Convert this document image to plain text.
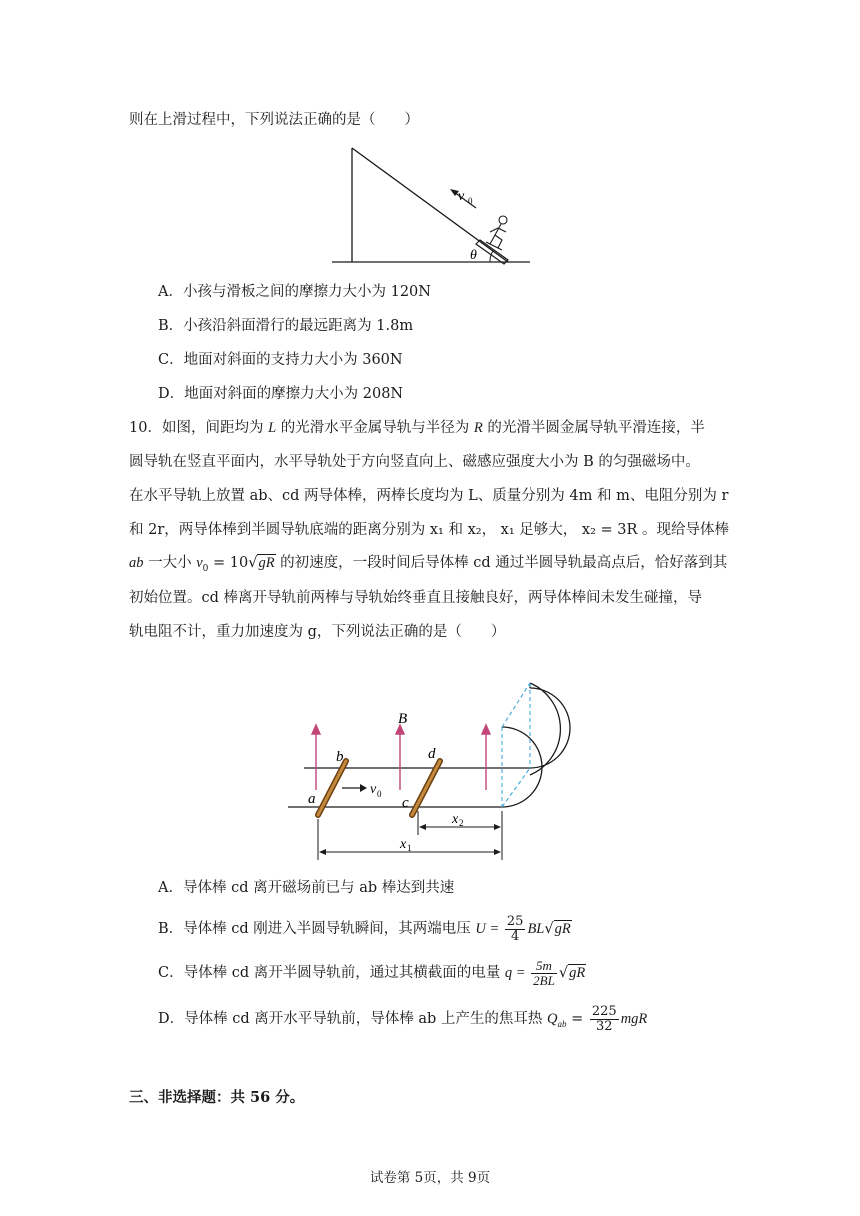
则在上滑过程中，下列说法正确的是（　　）
v 0
θ
A．小孩与滑板之间的摩擦力大小为 120N
B．小孩沿斜面滑行的最远距离为 1.8m
C．地面对斜面的支持力大小为 360N
D．地面对斜面的摩擦力大小为 208N
10．如图，间距均为 L 的光滑水平金属导轨与半径为 R 的光滑半圆金属导轨平滑连接，半
圆导轨在竖直平面内，水平导轨处于方向竖直向上、磁感应强度大小为 B 的匀强磁场中。
在水平导轨上放置 ab、cd 两导体棒，两棒长度均为 L、质量分别为 4m 和 m、电阻分别为 r
和 2r，两导体棒到半圆导轨底端的距离分别为 x₁ 和 x₂， x₁ 足够大， x₂ = 3R 。现给导体棒
ab 一大小 $v_0 = 10√gR$ 的初速度，一段时间后导体棒 cd 通过半圆导轨最高点后，恰好落到其
初始位置。cd 棒离开导轨前两棒与导轨始终垂直且接触良好，两导体棒间未发生碰撞，导
轨电阻不计，重力加速度为 g，下列说法正确的是（　　）
B
b
a
d
c
v 0
x 2
x 1
A．导体棒 cd 离开磁场前已与 ab 棒达到共速
B．导体棒 cd 刚进入半圆导轨瞬间，其两端电压 $U = \frac{25}{4} BL√gR$
C．导体棒 cd 离开半圆导轨前，通过其横截面的电量 $q = \frac{5m}{2BL} √gR$
D．导体棒 cd 离开水平导轨前，导体棒 ab 上产生的焦耳热 $Q_{ab} = \frac{225}{32}$ mgR
三、非选择题：共 56 分。
试卷第 5页，共 9页
